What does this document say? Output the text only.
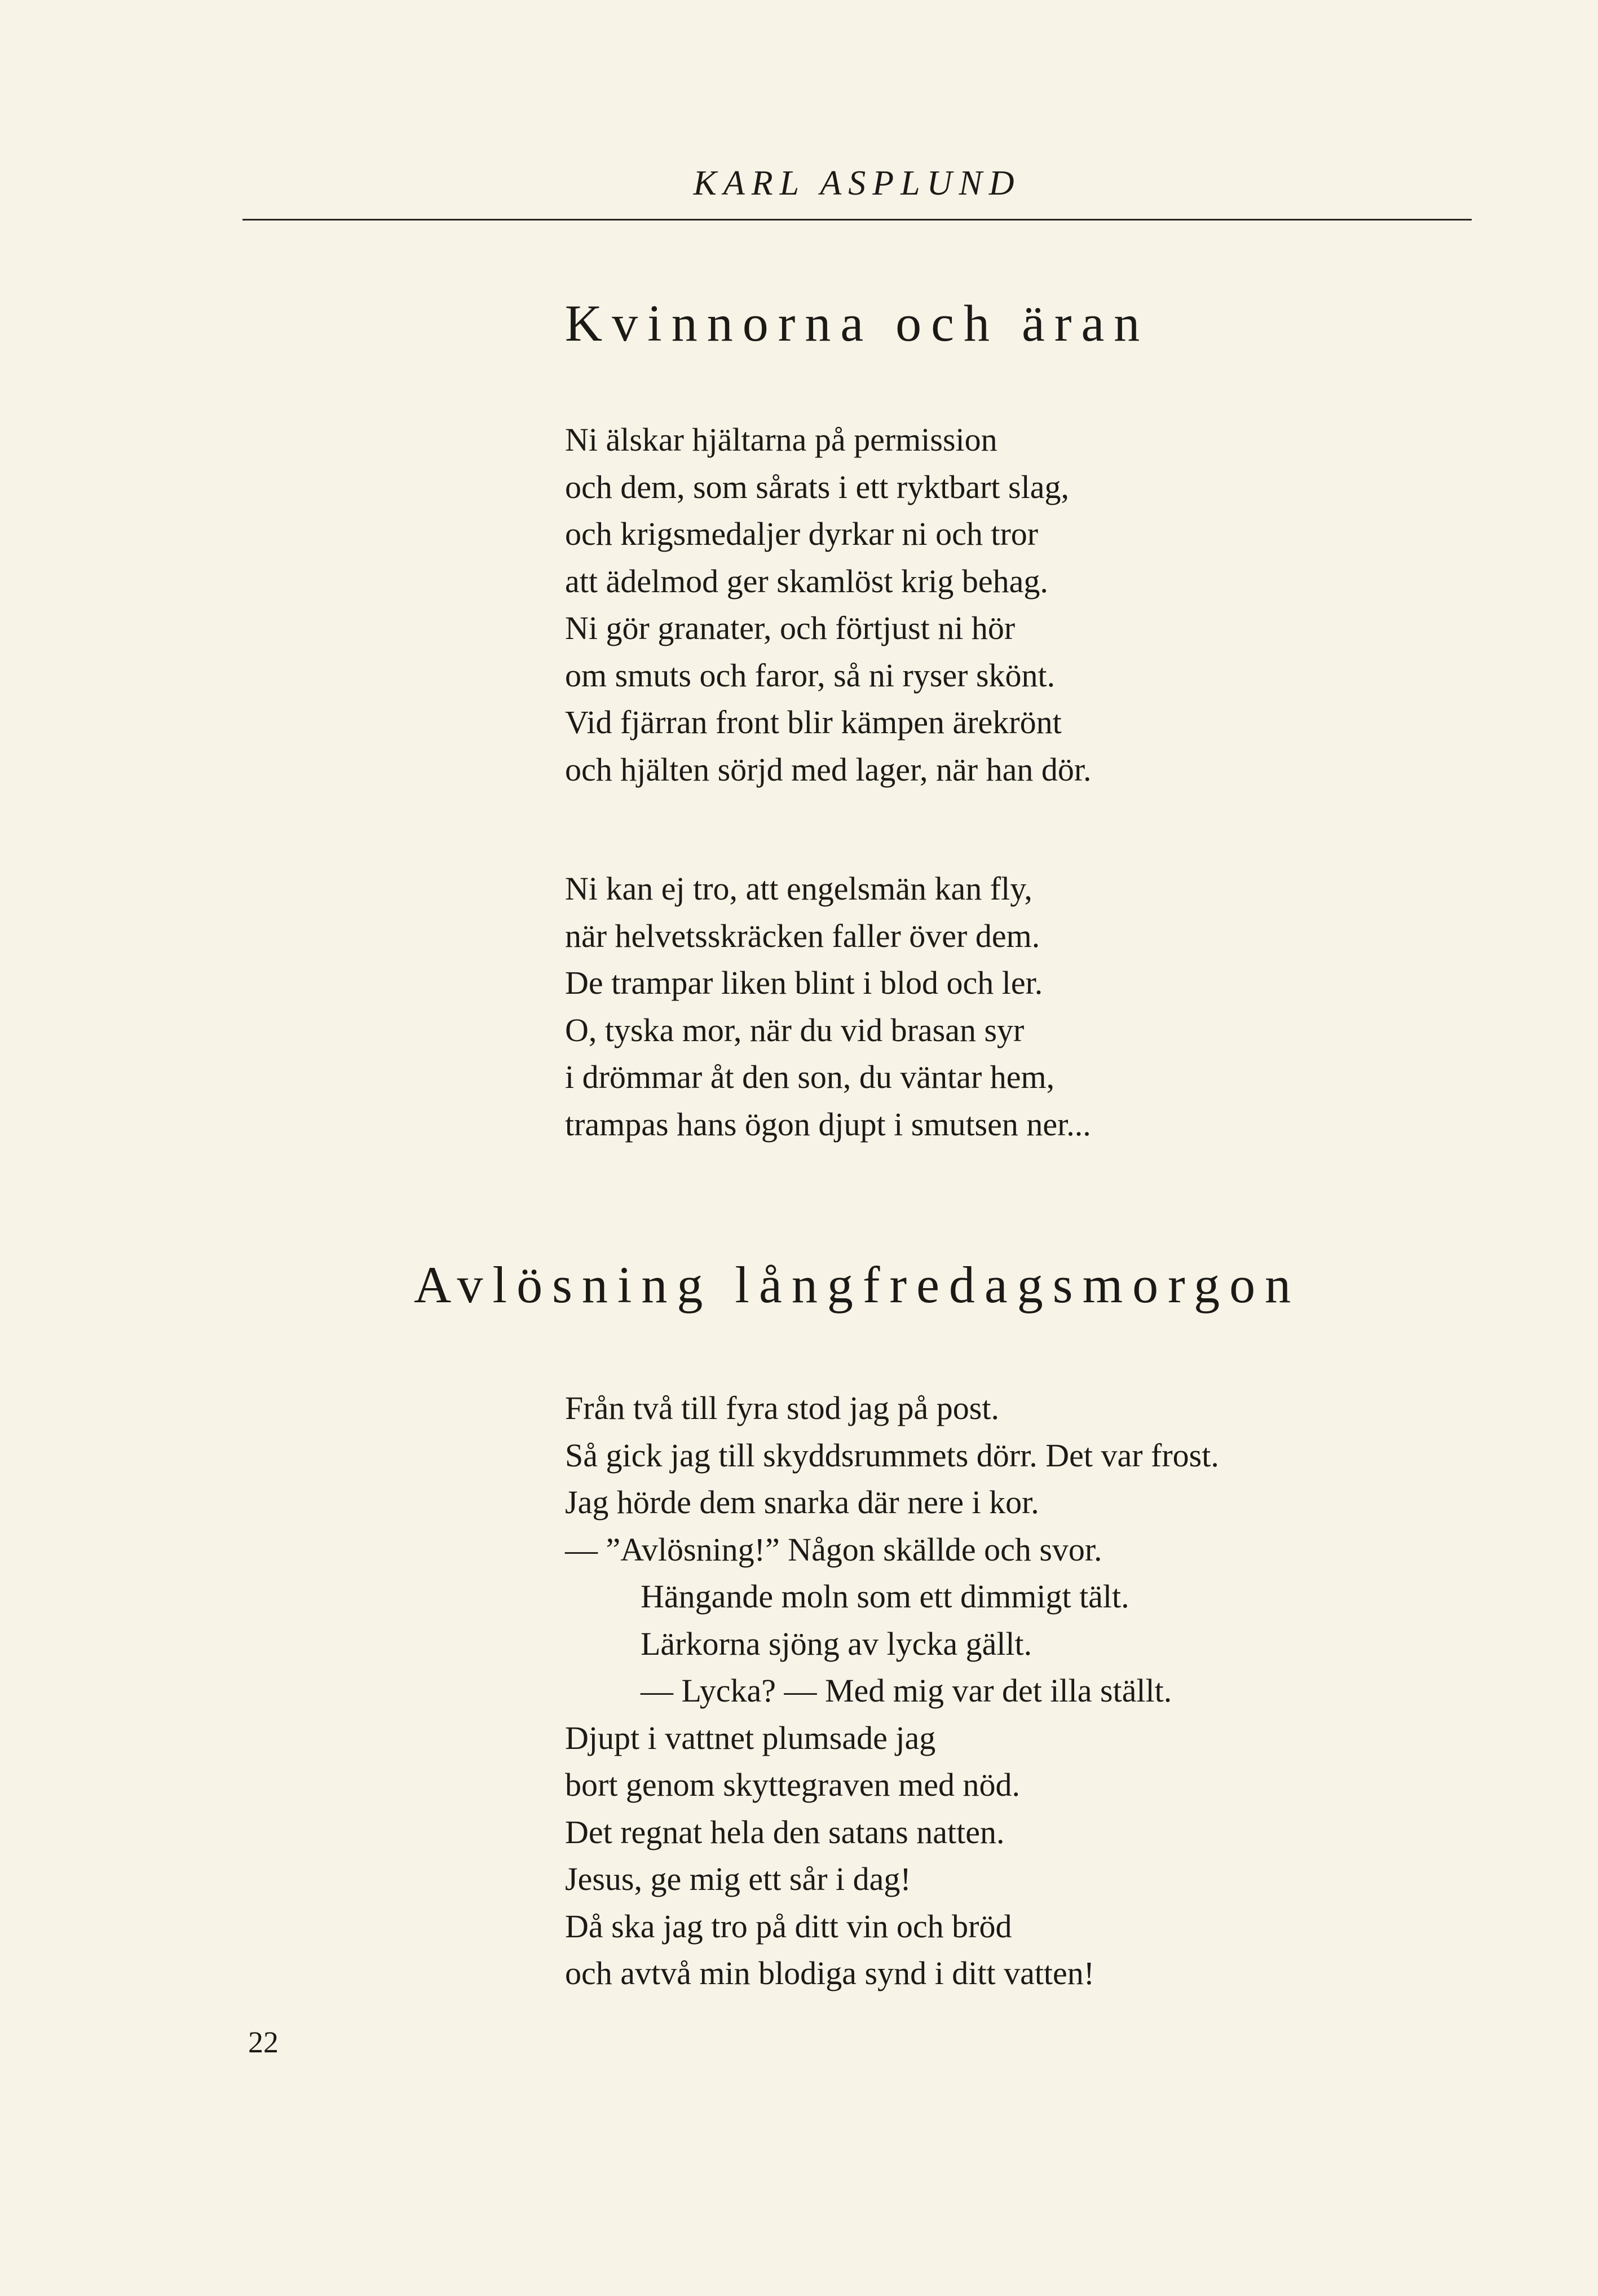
KARL ASPLUND
Kvinnorna och äran
Ni älskar hjältarna på permission
och dem, som sårats i ett ryktbart slag,
och krigsmedaljer dyrkar ni och tror
att ädelmod ger skamlöst krig behag.
Ni gör granater, och förtjust ni hör
om smuts och faror, så ni ryser skönt.
Vid fjärran front blir kämpen ärekrönt
och hjälten sörjd med lager, när han dör.
Ni kan ej tro, att engelsmän kan fly,
när helvetsskräcken faller över dem.
De trampar liken blint i blod och ler.
O, tyska mor, när du vid brasan syr
i drömmar åt den son, du väntar hem,
trampas hans ögon djupt i smutsen ner...
Avlösning långfredagsmorgon
Från två till fyra stod jag på post.
Så gick jag till skyddsrummets dörr. Det var frost.
Jag hörde dem snarka där nere i kor.
— ”Avlösning!” Någon skällde och svor.
Hängande moln som ett dimmigt tält.
Lärkorna sjöng av lycka gällt.
— Lycka? — Med mig var det illa ställt.
Djupt i vattnet plumsade jag
bort genom skyttegraven med nöd.
Det regnat hela den satans natten.
Jesus, ge mig ett sår i dag!
Då ska jag tro på ditt vin och bröd
och avtvå min blodiga synd i ditt vatten!
22
